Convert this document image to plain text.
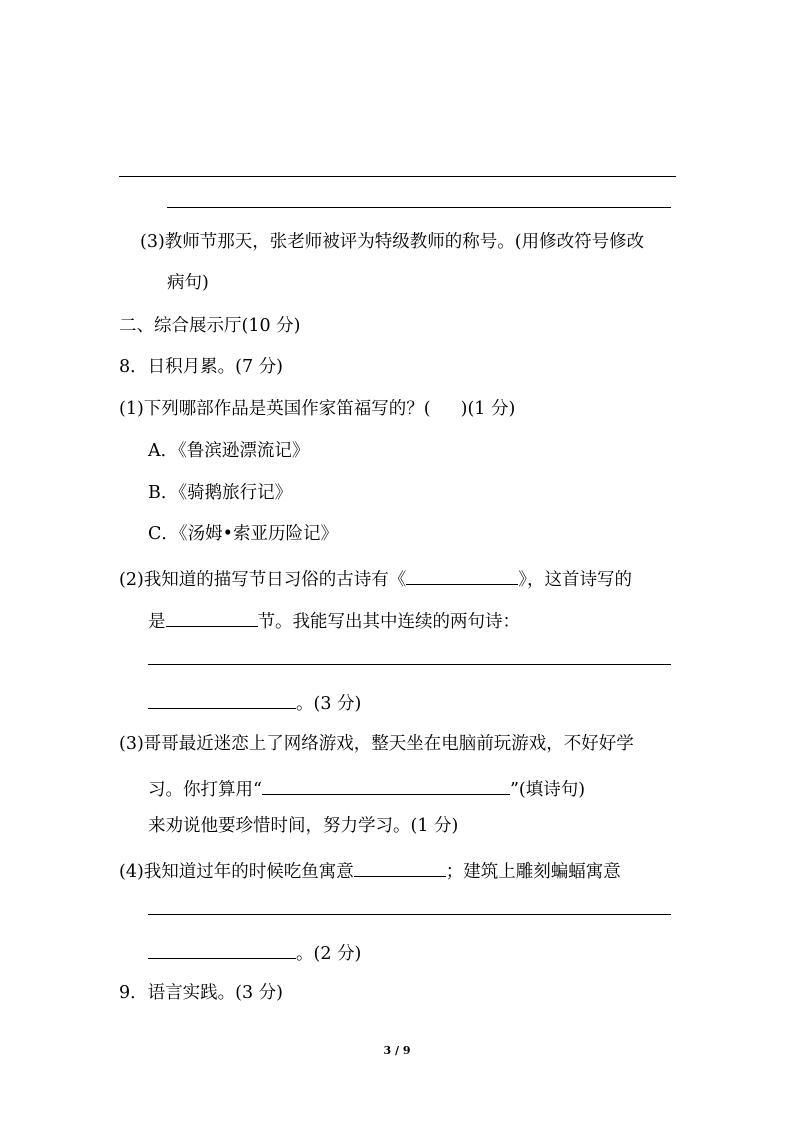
(3)教师节那天，张老师被评为特级教师的称号。(用修改符号修改
病句)
二、综合展示厅(10 分)
8．日积月累。(7 分)
(1)下列哪部作品是英国作家笛福写的？( )(1 分)
A．《鲁滨逊漂流记》
B．《骑鹅旅行记》
C．《汤姆•索亚历险记》
(2)我知道的描写节日习俗的古诗有《	》，这首诗写的
是	节。我能写出其中连续的两句诗：
。(3 分)
(3)哥哥最近迷恋上了网络游戏，整天坐在电脑前玩游戏，不好好学
习。你打算用“	”(填诗句)
来劝说他要珍惜时间，努力学习。(1 分)
(4)我知道过年的时候吃鱼寓意	；建筑上雕刻蝙蝠寓意
。(2 分)
9．语言实践。(3 分)
3 / 9
